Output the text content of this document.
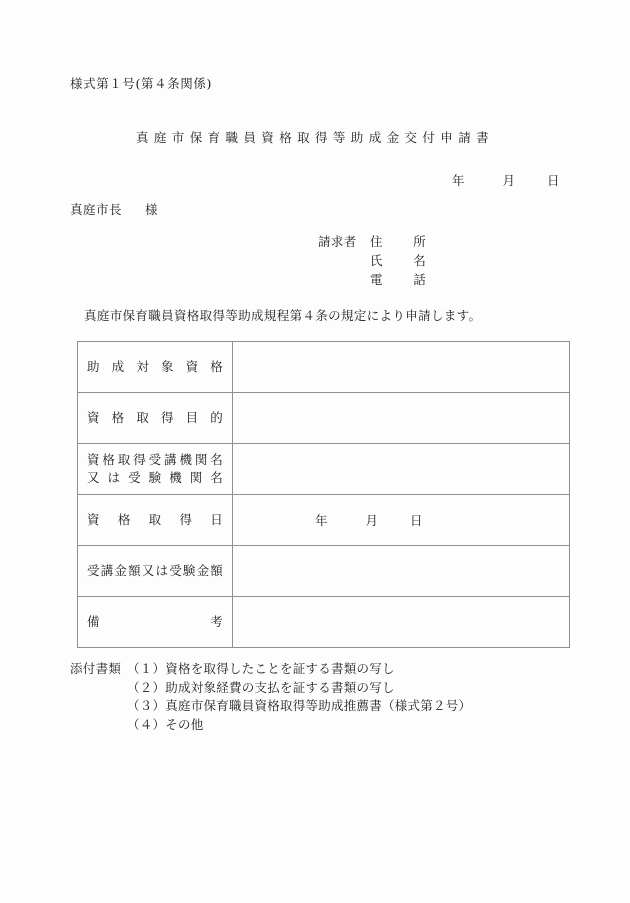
様式第１号(第４条関係)
真庭市保育職員資格取得等助成金交付申請書
年	月	日
真庭市長 様
請求者	住所
氏名
電話
真庭市保育職員資格取得等助成規程第４条の規定により申請します。
助成対象資格	

資格取得目的	

資格取得受講機関名
又は受験機関名	

資格取得日	年 月 日

受講金額又は受験金額	

備考	

添付書類 （１）資格を取得したことを証する書類の写し
（２）助成対象経費の支払を証する書類の写し
（３）真庭市保育職員資格取得等助成推薦書（様式第２号）
（４）その他
